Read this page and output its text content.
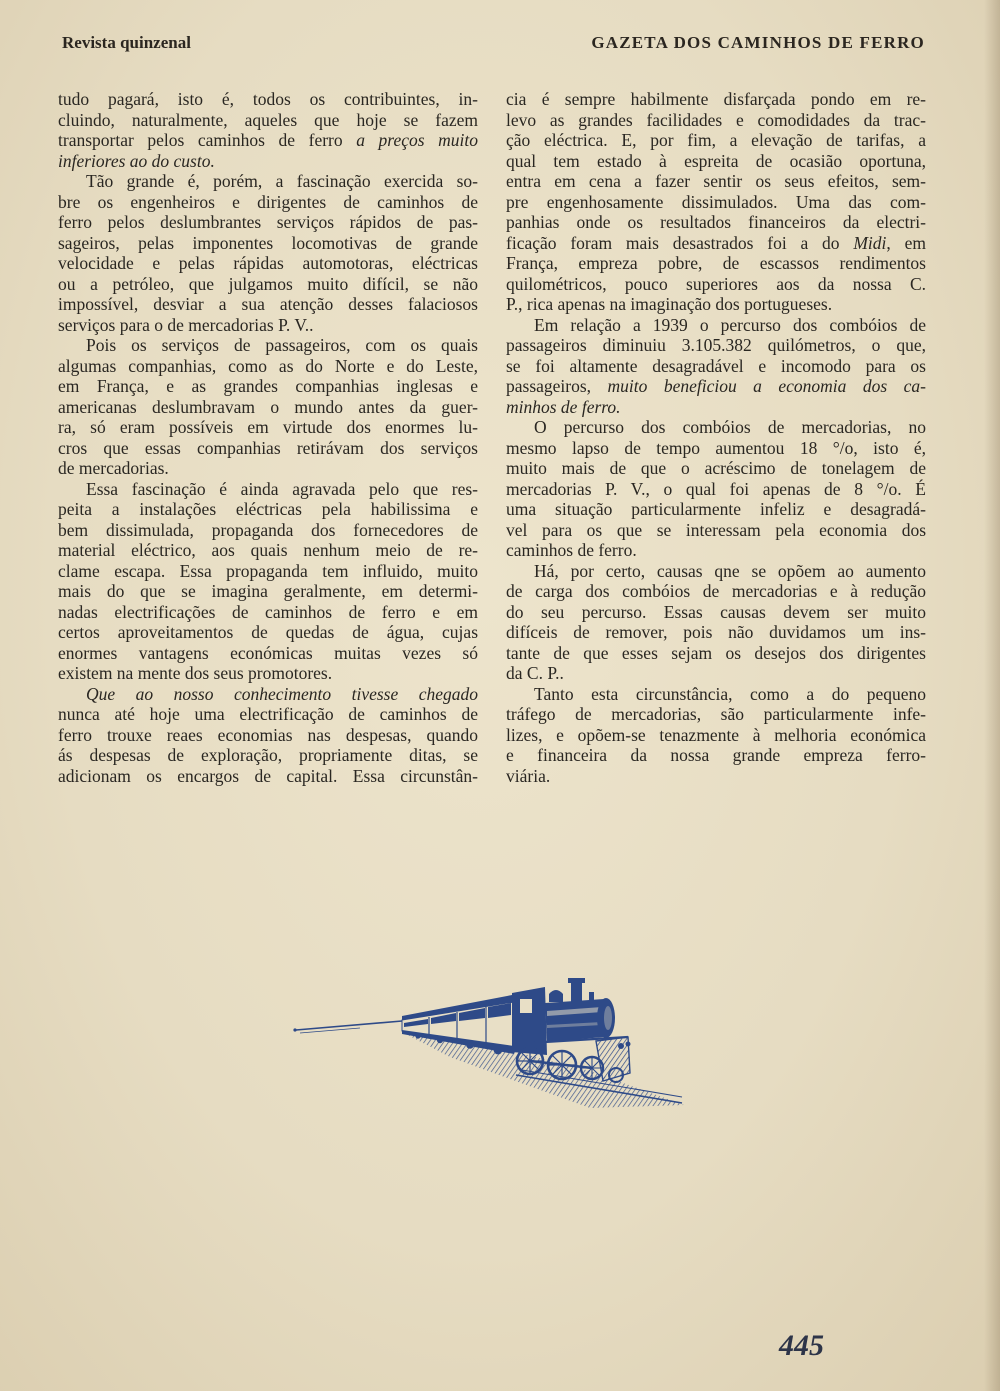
Revista quinzenal	GAZETA DOS CAMINHOS DE FERRO
tudo pagará, isto é, todos os contribuintes, in-
cluindo, naturalmente, aqueles que hoje se fazem
transportar pelos caminhos de ferro a preços muito
inferiores ao do custo.
Tão grande é, porém, a fascinação exercida so-
bre os engenheiros e dirigentes de caminhos de
ferro pelos deslumbrantes serviços rápidos de pas-
sageiros, pelas imponentes locomotivas de grande
velocidade e pelas rápidas automotoras, eléctricas
ou a petróleo, que julgamos muito difícil, se não
impossível, desviar a sua atenção desses falaciosos
serviços para o de mercadorias P. V..
Pois os serviços de passageiros, com os quais
algumas companhias, como as do Norte e do Leste,
em França, e as grandes companhias inglesas e
americanas deslumbravam o mundo antes da guer-
ra, só eram possíveis em virtude dos enormes lu-
cros que essas companhias retirávam dos serviços
de mercadorias.
Essa fascinação é ainda agravada pelo que res-
peita a instalações eléctricas pela habilissima e
bem dissimulada, propaganda dos fornecedores de
material eléctrico, aos quais nenhum meio de re-
clame escapa. Essa propaganda tem influido, muito
mais do que se imagina geralmente, em determi-
nadas electrificações de caminhos de ferro e em
certos aproveitamentos de quedas de água, cujas
enormes vantagens económicas muitas vezes só
existem na mente dos seus promotores.
Que ao nosso conhecimento tivesse chegado
nunca até hoje uma electrificação de caminhos de
ferro trouxe reaes economias nas despesas, quando
ás despesas de exploração, propriamente ditas, se
adicionam os encargos de capital. Essa circunstân-
cia é sempre habilmente disfarçada pondo em re-
levo as grandes facilidades e comodidades da trac-
ção eléctrica. E, por fim, a elevação de tarifas, a
qual tem estado à espreita de ocasião oportuna,
entra em cena a fazer sentir os seus efeitos, sem-
pre engenhosamente dissimulados. Uma das com-
panhias onde os resultados financeiros da electri-
ficação foram mais desastrados foi a do Midi, em
França, empreza pobre, de escassos rendimentos
quilométricos, pouco superiores aos da nossa C.
P., rica apenas na imaginação dos portugueses.
Em relação a 1939 o percurso dos combóios de
passageiros diminuiu 3.105.382 quilómetros, o que,
se foi altamente desagradável e incomodo para os
passageiros, muito beneficiou a economia dos ca-
minhos de ferro.
O percurso dos combóios de mercadorias, no
mesmo lapso de tempo aumentou 18 °/o, isto é,
muito mais de que o acréscimo de tonelagem de
mercadorias P. V., o qual foi apenas de 8 °/o. É
uma situação particularmente infeliz e desagradá-
vel para os que se interessam pela economia dos
caminhos de ferro.
Há, por certo, causas qne se opõem ao aumento
de carga dos combóios de mercadorias e à redução
do seu percurso. Essas causas devem ser muito
difíceis de remover, pois não duvidamos um ins-
tante de que esses sejam os desejos dos dirigentes
da C. P..
Tanto esta circunstância, como a do pequeno
tráfego de mercadorias, são particularmente infe-
lizes, e opõem-se tenazmente à melhoria económica
e financeira da nossa grande empreza ferro-
viária.
445
